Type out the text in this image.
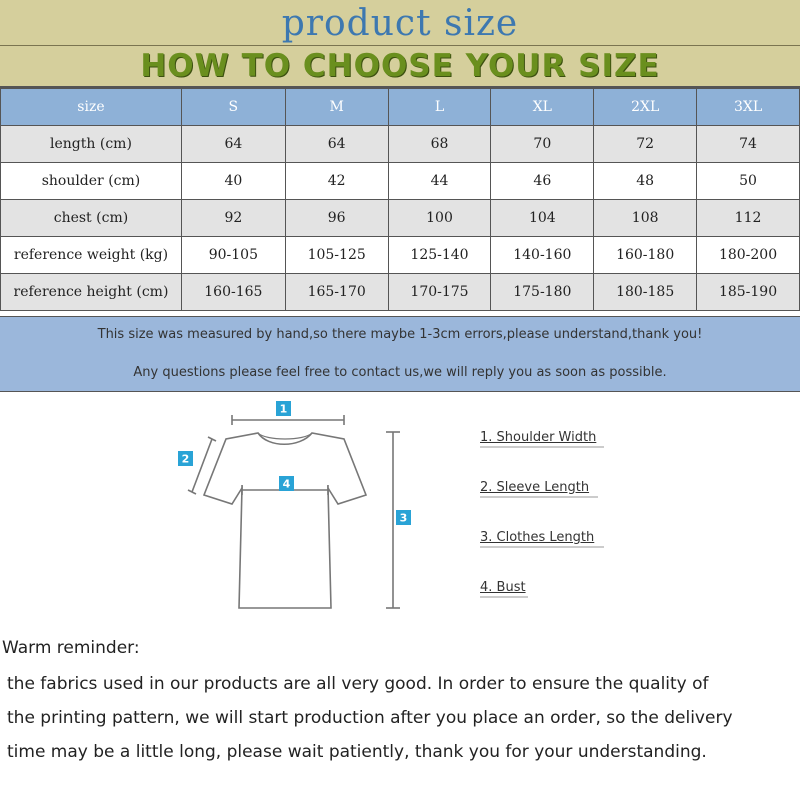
product size
HOW TO CHOOSE YOUR SIZE
size	S	M	L	XL	2XL	3XL
length (cm)	64	64	68	70	72	74
shoulder (cm)	40	42	44	46	48	50
chest (cm)	92	96	100	104	108	112
reference weight (kg)	90-105	105-125	125-140	140-160	160-180	180-200
reference height (cm)	160-165	165-170	170-175	175-180	180-185	185-190
This size was measured by hand,so there maybe 1-3cm errors,please understand,thank you!
Any questions please feel free to contact us,we will reply you as soon as possible.
1
2
4
3
1. Shoulder Width
2. Sleeve Length
3. Clothes Length
4. Bust
Warm reminder:
the fabrics used in our products are all very good. In order to ensure the quality of
the printing pattern, we will start production after you place an order, so the delivery
time may be a little long, please wait patiently, thank you for your understanding.
